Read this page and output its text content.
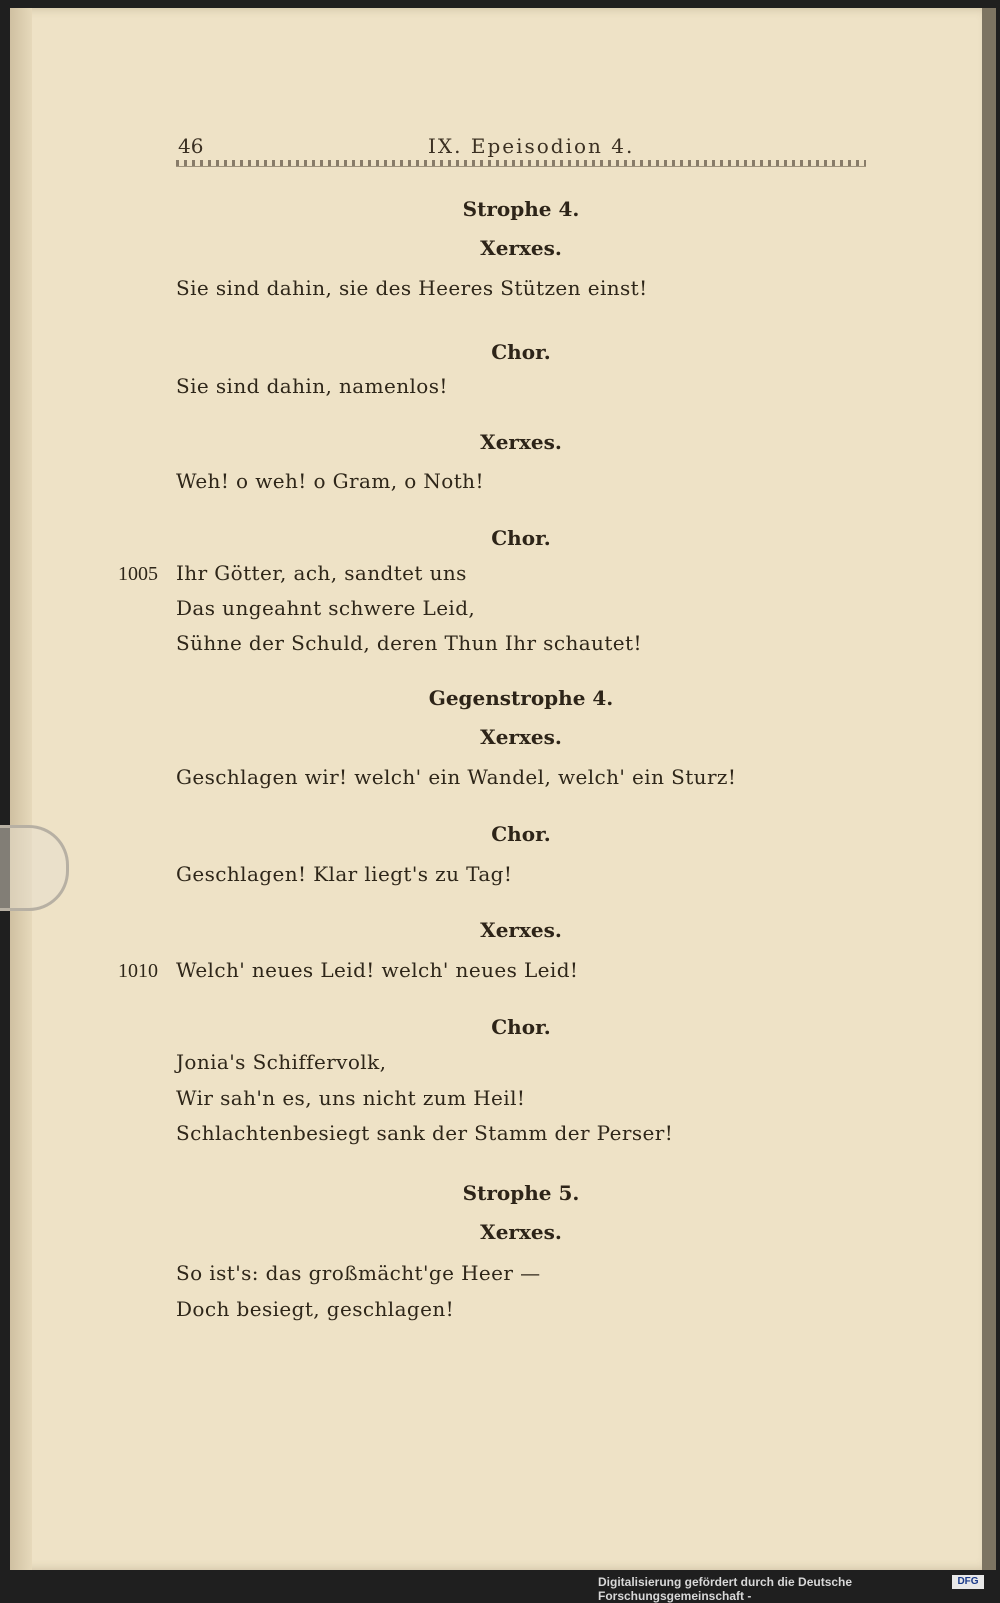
46	IX. Epeisodion 4.
Strophe 4.
Xerxes.
Sie sind dahin, sie des Heeres Stützen einst!
Chor.
Sie sind dahin, namenlos!
Xerxes.
Weh! o weh! o Gram, o Noth!
Chor.
1005 Ihr Götter, ach, sandtet uns
Das ungeahnt schwere Leid,
Sühne der Schuld, deren Thun Ihr schautet!
Gegenstrophe 4.
Xerxes.
Geschlagen wir! welch' ein Wandel, welch' ein Sturz!
Chor.
Geschlagen! Klar liegt's zu Tag!
Xerxes.
1010 Welch' neues Leid! welch' neues Leid!
Chor.
Jonia's Schiffervolk,
Wir sah'n es, uns nicht zum Heil!
Schlachtenbesiegt sank der Stamm der Perser!
Strophe 5.
Xerxes.
So ist's: das großmächt'ge Heer —
Doch besiegt, geschlagen!
Digitalisierung gefördert durch die Deutsche Forschungsgemeinschaft -
DFG
